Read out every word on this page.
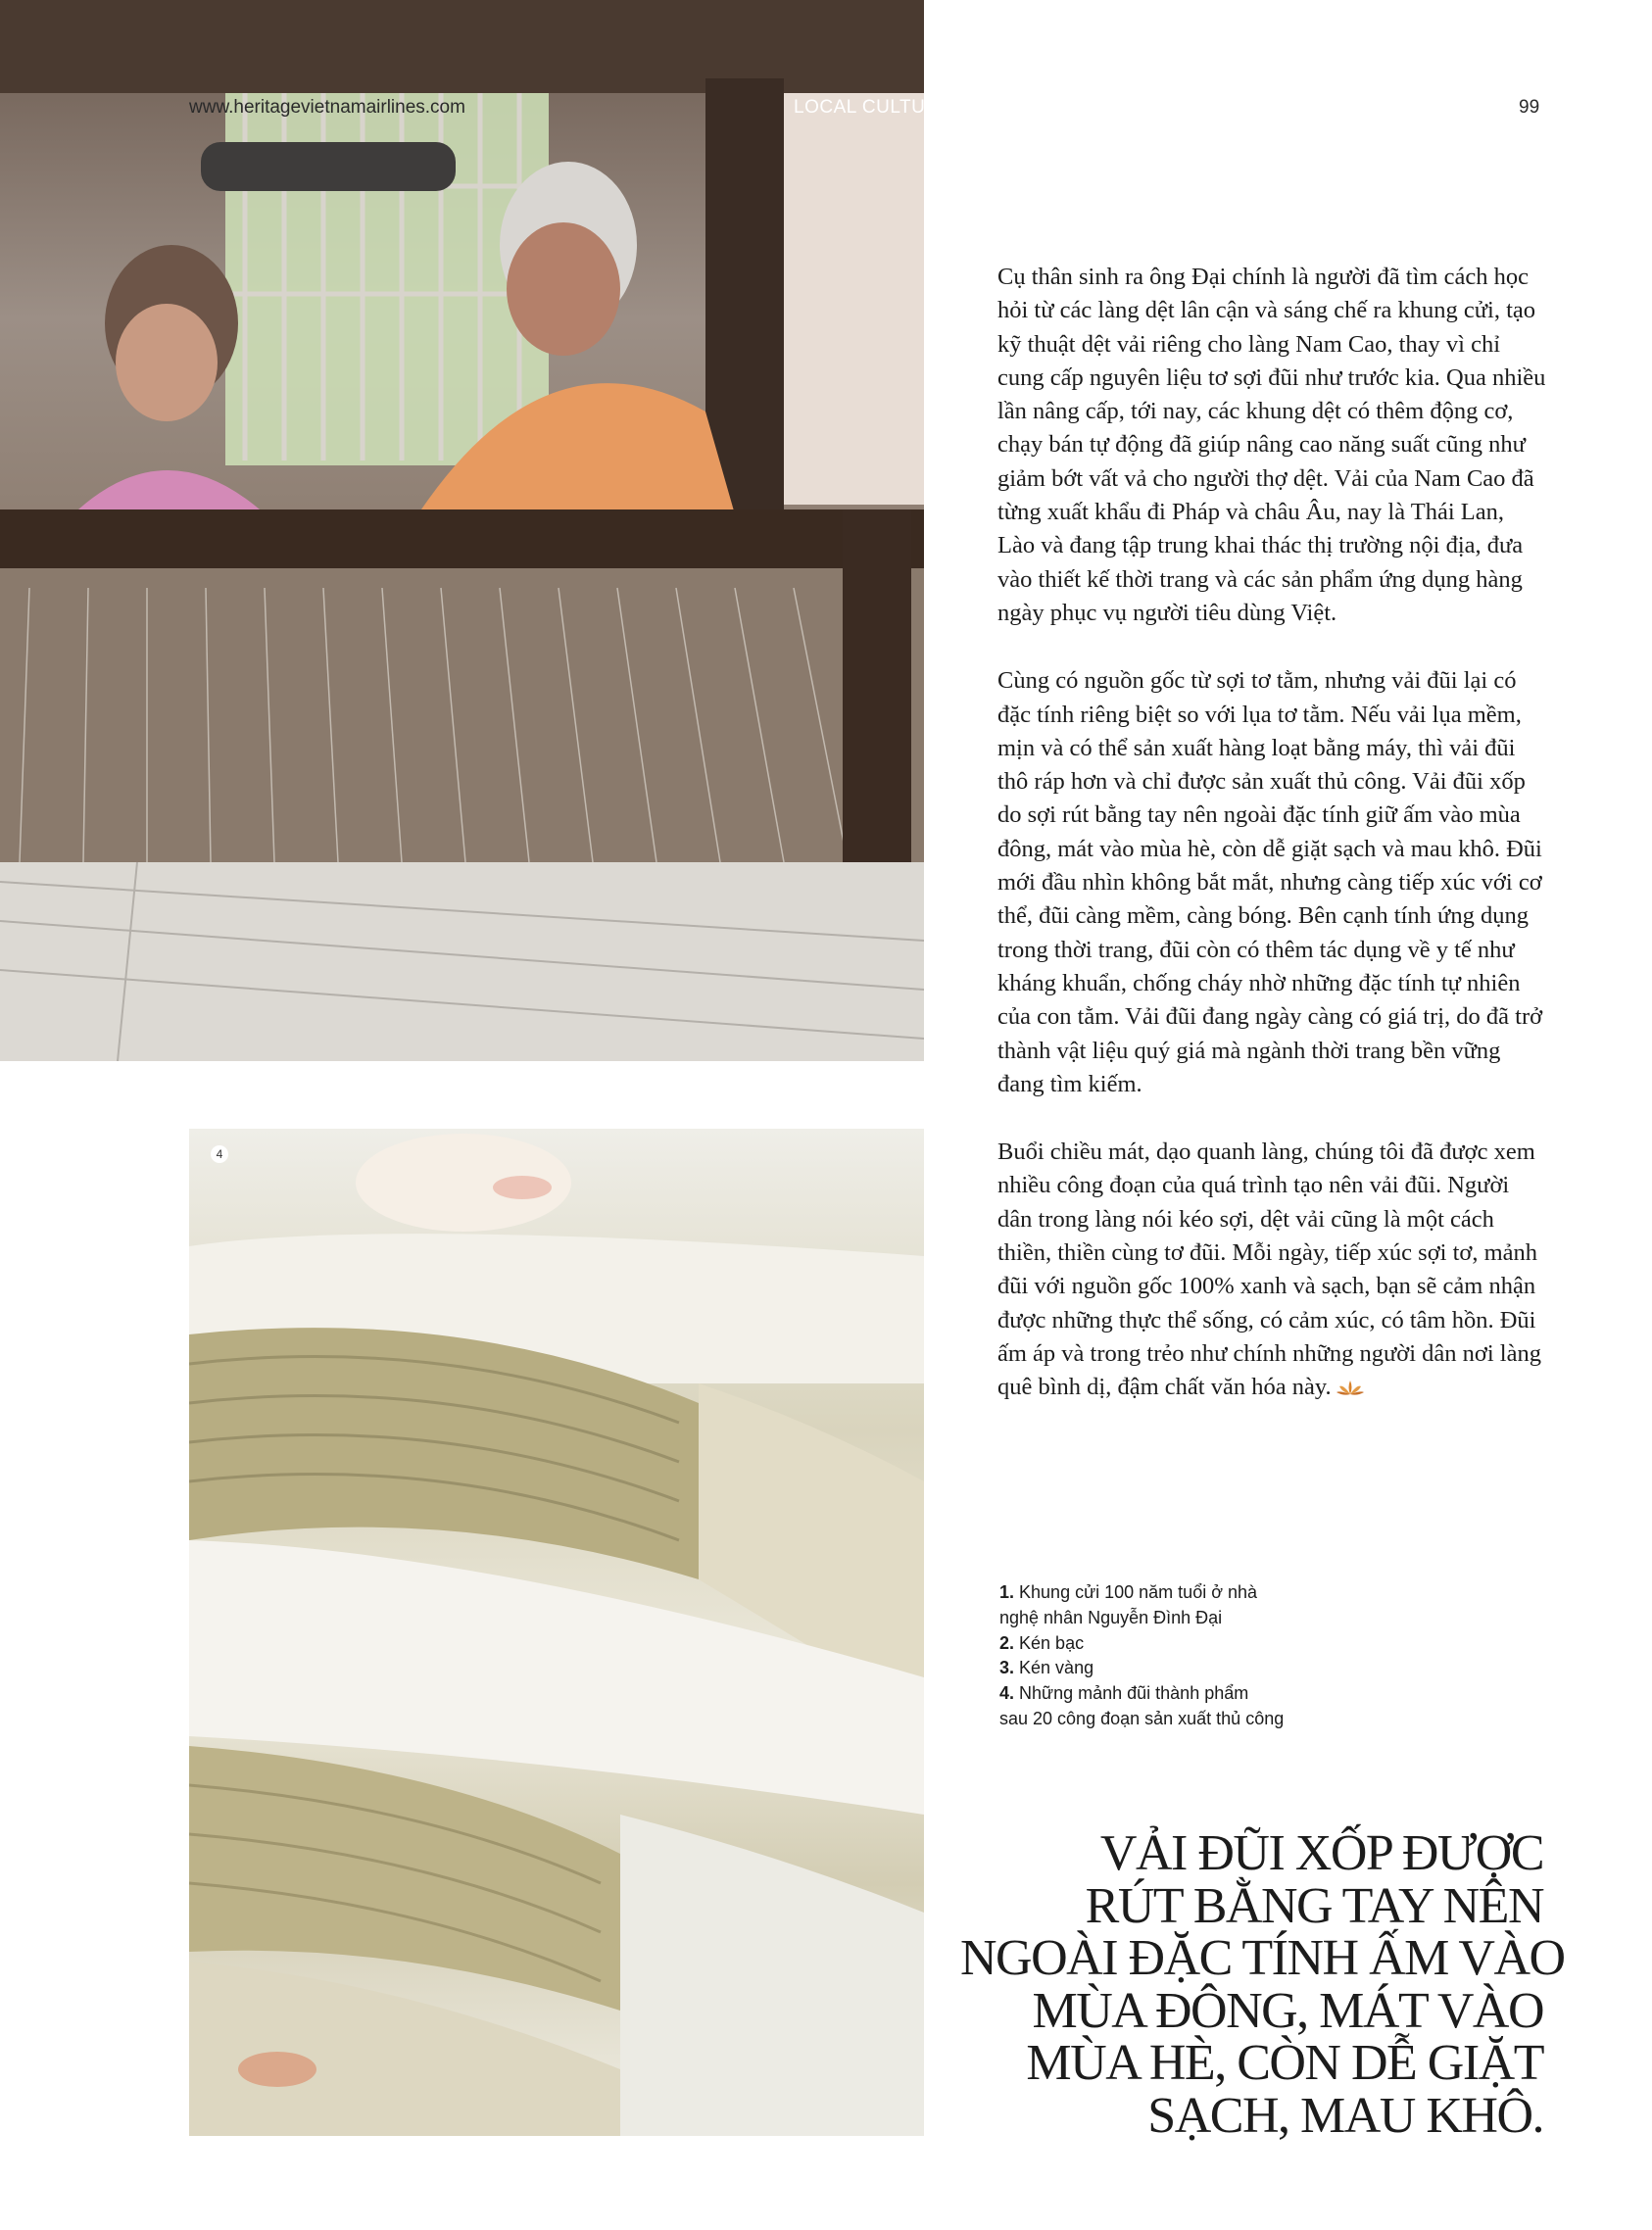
www.heritagevietnamairlines.com	LOCAL CULTURE	99
4

Cụ thân sinh ra ông Đại chính là người đã tìm cách học hỏi từ các làng dệt lân cận và sáng chế ra khung cửi, tạo kỹ thuật dệt vải riêng cho làng Nam Cao, thay vì chỉ cung cấp nguyên liệu tơ sợi đũi như trước kia. Qua nhiều lần nâng cấp, tới nay, các khung dệt có thêm động cơ, chạy bán tự động đã giúp nâng cao năng suất cũng như giảm bớt vất vả cho người thợ dệt. Vải của Nam Cao đã từng xuất khẩu đi Pháp và châu Âu, nay là Thái Lan, Lào và đang tập trung khai thác thị trường nội địa, đưa vào thiết kế thời trang và các sản phẩm ứng dụng hàng ngày phục vụ người tiêu dùng Việt.

Cùng có nguồn gốc từ sợi tơ tằm, nhưng vải đũi lại có đặc tính riêng biệt so với lụa tơ tằm. Nếu vải lụa mềm, mịn và có thể sản xuất hàng loạt bằng máy, thì vải đũi thô ráp hơn và chỉ được sản xuất thủ công. Vải đũi xốp do sợi rút bằng tay nên ngoài đặc tính giữ ấm vào mùa đông, mát vào mùa hè, còn dễ giặt sạch và mau khô. Đũi mới đầu nhìn không bắt mắt, nhưng càng tiếp xúc với cơ thể, đũi càng mềm, càng bóng. Bên cạnh tính ứng dụng trong thời trang, đũi còn có thêm tác dụng về y tế như kháng khuẩn, chống cháy nhờ những đặc tính tự nhiên của con tằm. Vải đũi đang ngày càng có giá trị, do đã trở thành vật liệu quý giá mà ngành thời trang bền vững đang tìm kiếm.

Buổi chiều mát, dạo quanh làng, chúng tôi đã được xem nhiều công đoạn của quá trình tạo nên vải đũi. Người dân trong làng nói kéo sợi, dệt vải cũng là một cách thiền, thiền cùng tơ đũi. Mỗi ngày, tiếp xúc sợi tơ, mảnh đũi với nguồn gốc 100% xanh và sạch, bạn sẽ cảm nhận được những thực thể sống, có cảm xúc, có tâm hồn. Đũi ấm áp và trong trẻo như chính những người dân nơi làng quê bình dị, đậm chất văn hóa này.

1. Khung cửi 100 năm tuổi ở nhà
nghệ nhân Nguyễn Đình Đại
2. Kén bạc
3. Kén vàng
4. Những mảnh đũi thành phẩm
sau 20 công đoạn sản xuất thủ công
VẢI ĐŨI XỐP ĐƯỢC
RÚT BẰNG TAY NÊN
NGOÀI ĐẶC TÍNH ẤM VÀO
MÙA ĐÔNG, MÁT VÀO
MÙA HÈ, CÒN DỄ GIẶT
SẠCH, MAU KHÔ.
